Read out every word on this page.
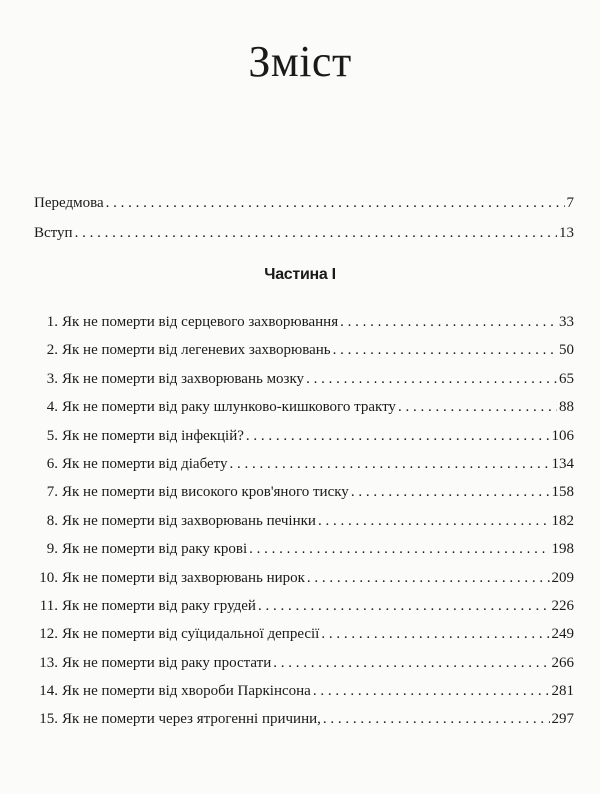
Зміст
Передмова . . .	7
Вступ . . .	13
Частина І
1. Як не померти від серцевого захворювання . . .	33
2. Як не померти від легеневих захворювань . . .	50
3. Як не померти від захворювань мозку . . .	65
4. Як не померти від раку шлунково-кишкового тракту . . .	88
5. Як не померти від інфекцій? . . .	106
6. Як не померти від діабету . . .	134
7. Як не померти від високого кров'яного тиску . . .	158
8. Як не померти від захворювань печінки . . .	182
9. Як не померти від раку крові . . .	198
10. Як не померти від захворювань нирок . . .	209
11. Як не померти від раку грудей . . .	226
12. Як не померти від суїцидальної депресії . . .	249
13. Як не померти від раку простати . . .	266
14. Як не померти від хвороби Паркінсона . . .	281
15. Як не померти через ятрогенні причини, . . .	297
